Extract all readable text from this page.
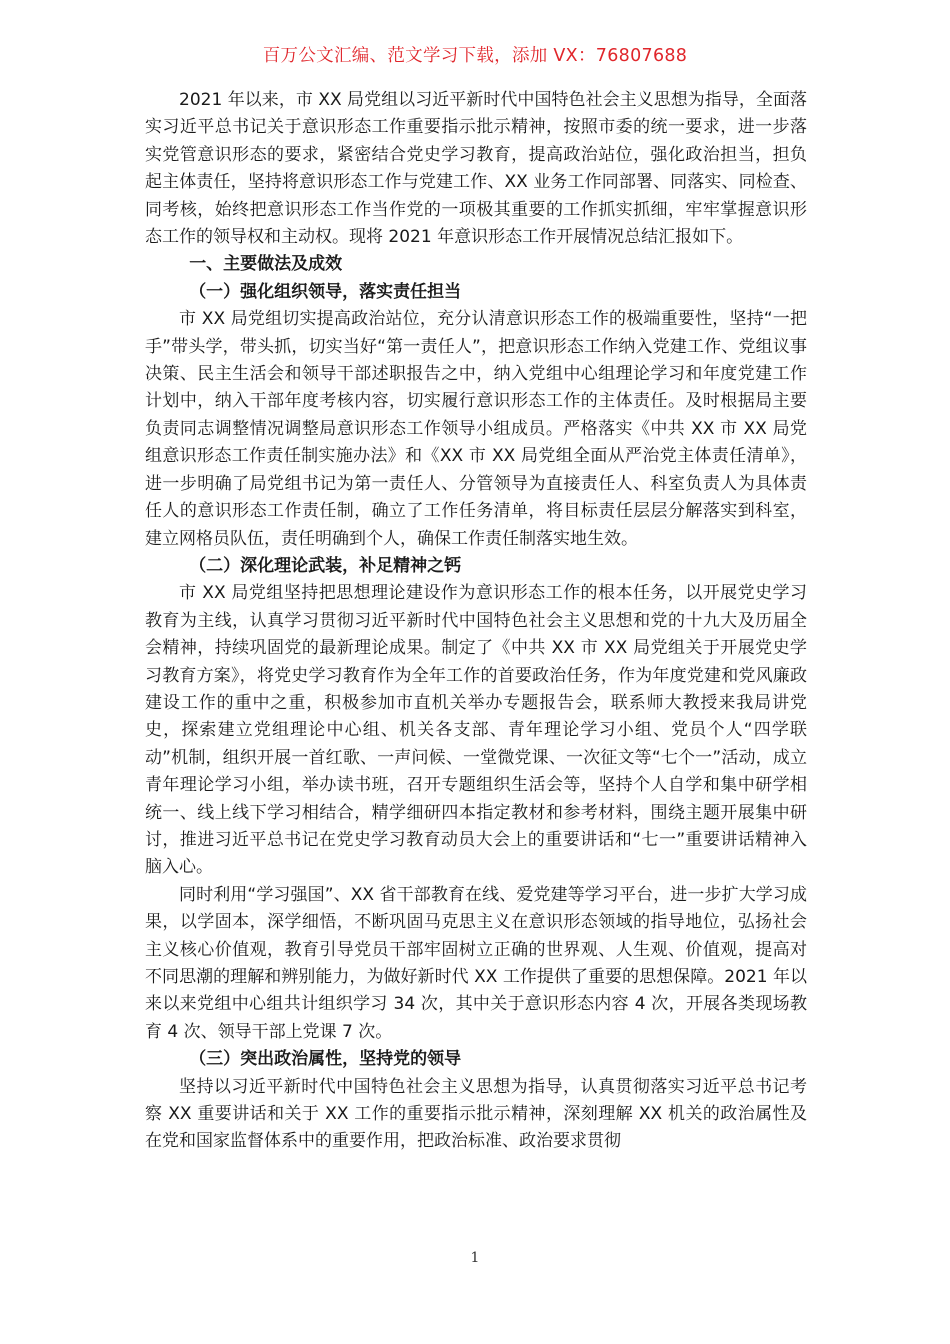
百万公文汇编、范文学习下载，添加 VX：76807688

2021 年以来，市 XX 局党组以习近平新时代中国特色社会主义思想为指导，全面落实习近平总书记关于意识形态工作重要指示批示精神，按照市委的统一要求，进一步落实党管意识形态的要求，紧密结合党史学习教育，提高政治站位，强化政治担当，担负起主体责任，坚持将意识形态工作与党建工作、XX 业务工作同部署、同落实、同检查、同考核，始终把意识形态工作当作党的一项极其重要的工作抓实抓细，牢牢掌握意识形态工作的领导权和主动权。现将 2021 年意识形态工作开展情况总结汇报如下。

一、主要做法及成效

（一）强化组织领导，落实责任担当

市 XX 局党组切实提高政治站位，充分认清意识形态工作的极端重要性，坚持“一把手”带头学，带头抓，切实当好“第一责任人”，把意识形态工作纳入党建工作、党组议事决策、民主生活会和领导干部述职报告之中，纳入党组中心组理论学习和年度党建工作计划中，纳入干部年度考核内容，切实履行意识形态工作的主体责任。及时根据局主要负责同志调整情况调整局意识形态工作领导小组成员。严格落实《中共 XX 市 XX 局党组意识形态工作责任制实施办法》和《XX 市 XX 局党组全面从严治党主体责任清单》，进一步明确了局党组书记为第一责任人、分管领导为直接责任人、科室负责人为具体责任人的意识形态工作责任制，确立了工作任务清单，将目标责任层层分解落实到科室，建立网格员队伍，责任明确到个人，确保工作责任制落实地生效。

（二）深化理论武装，补足精神之钙

市 XX 局党组坚持把思想理论建设作为意识形态工作的根本任务，以开展党史学习教育为主线，认真学习贯彻习近平新时代中国特色社会主义思想和党的十九大及历届全会精神，持续巩固党的最新理论成果。制定了《中共 XX 市 XX 局党组关于开展党史学习教育方案》，将党史学习教育作为全年工作的首要政治任务，作为年度党建和党风廉政建设工作的重中之重，积极参加市直机关举办专题报告会，联系师大教授来我局讲党史，探索建立党组理论中心组、机关各支部、青年理论学习小组、党员个人“四学联动”机制，组织开展一首红歌、一声问候、一堂微党课、一次征文等“七个一”活动，成立青年理论学习小组，举办读书班，召开专题组织生活会等，坚持个人自学和集中研学相统一、线上线下学习相结合，精学细研四本指定教材和参考材料，围绕主题开展集中研讨，推进习近平总书记在党史学习教育动员大会上的重要讲话和“七一”重要讲话精神入脑入心。

同时利用“学习强国”、XX 省干部教育在线、爱党建等学习平台，进一步扩大学习成果，以学固本，深学细悟，不断巩固马克思主义在意识形态领域的指导地位，弘扬社会主义核心价值观，教育引导党员干部牢固树立正确的世界观、人生观、价值观，提高对不同思潮的理解和辨别能力，为做好新时代 XX 工作提供了重要的思想保障。2021 年以来以来党组中心组共计组织学习 34 次，其中关于意识形态内容 4 次，开展各类现场教育 4 次、领导干部上党课 7 次。

（三）突出政治属性，坚持党的领导

坚持以习近平新时代中国特色社会主义思想为指导，认真贯彻落实习近平总书记考察 XX 重要讲话和关于 XX 工作的重要指示批示精神，深刻理解 XX 机关的政治属性及在党和国家监督体系中的重要作用，把政治标准、政治要求贯彻

1
